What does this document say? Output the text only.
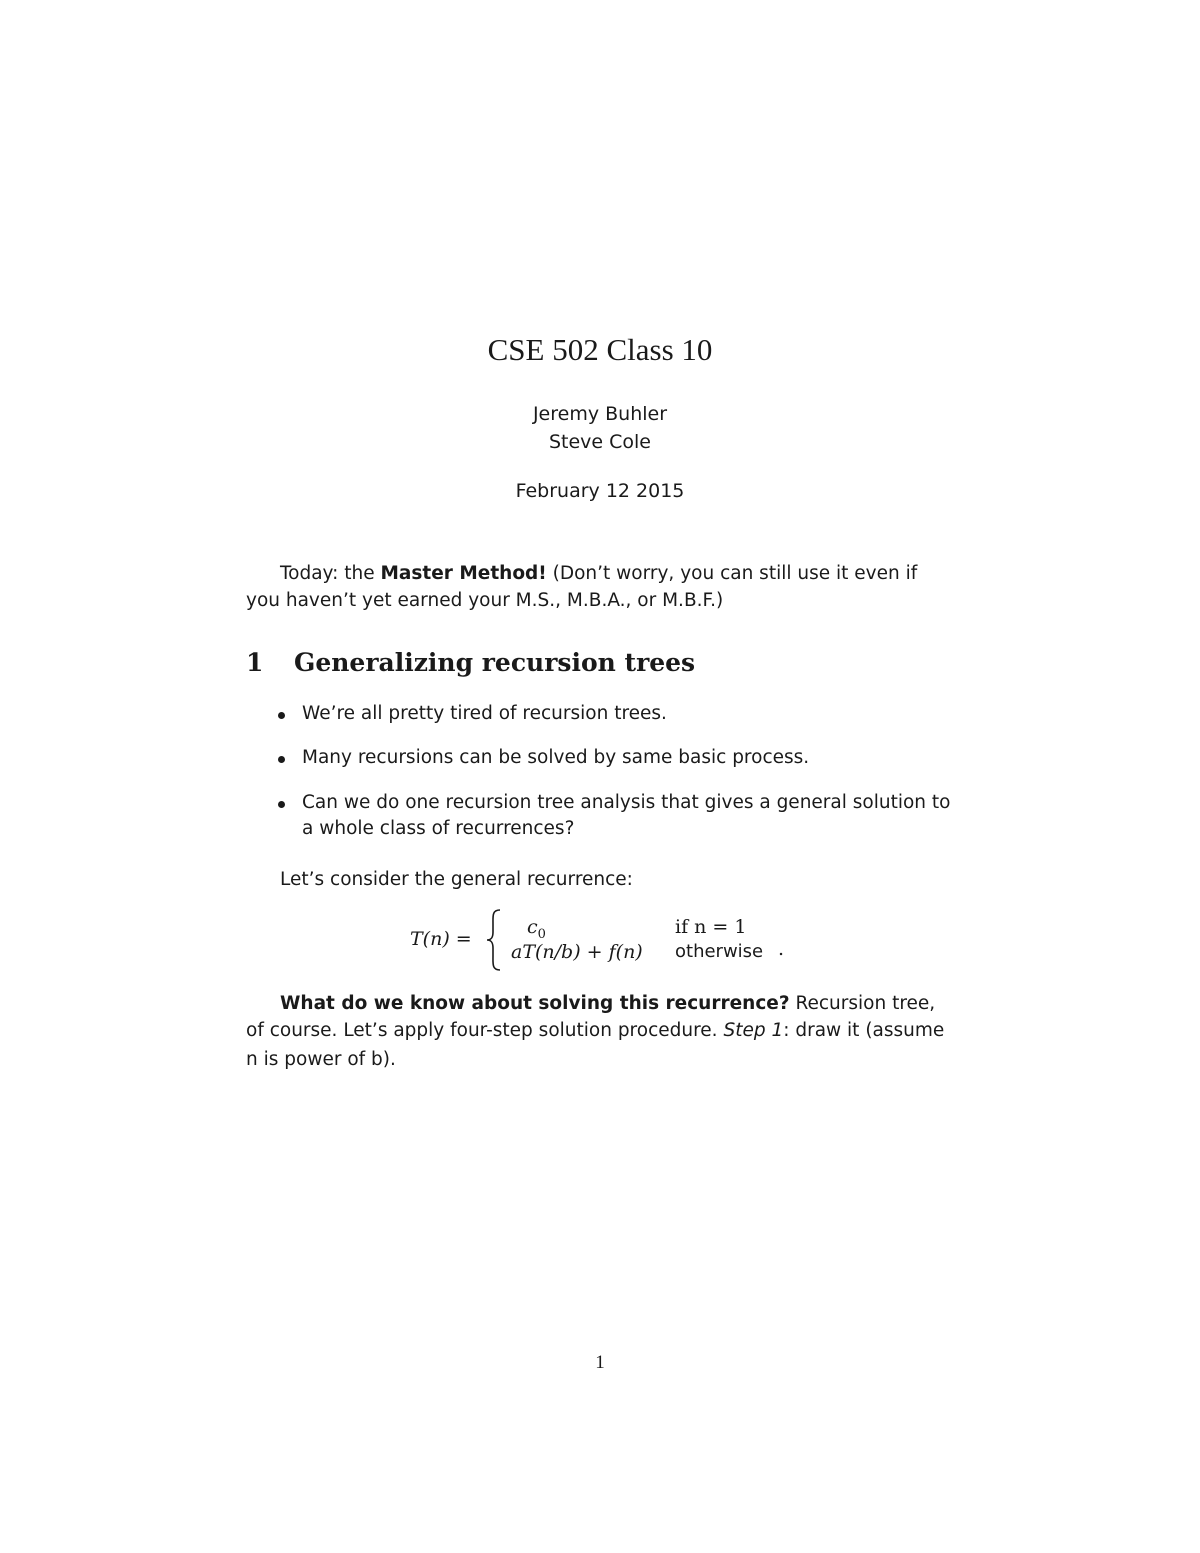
CSE 502 Class 10
Jeremy Buhler
Steve Cole
February 12 2015
Today: the Master Method! (Don’t worry, you can still use it even if
you haven’t yet earned your M.S., M.B.A., or M.B.F.)
1 Generalizing recursion trees
We’re all pretty tired of recursion trees.
Many recursions can be solved by same basic process.
Can we do one recursion tree analysis that gives a general solution to
a whole class of recurrences?
Let’s consider the general recurrence:
T(n) =
$c_0$	if n = 1
aT(n/b) + f(n) otherwise .
What do we know about solving this recurrence? Recursion tree,
of course. Let’s apply four-step solution procedure. Step 1: draw it (assume
n is power of b).
1
